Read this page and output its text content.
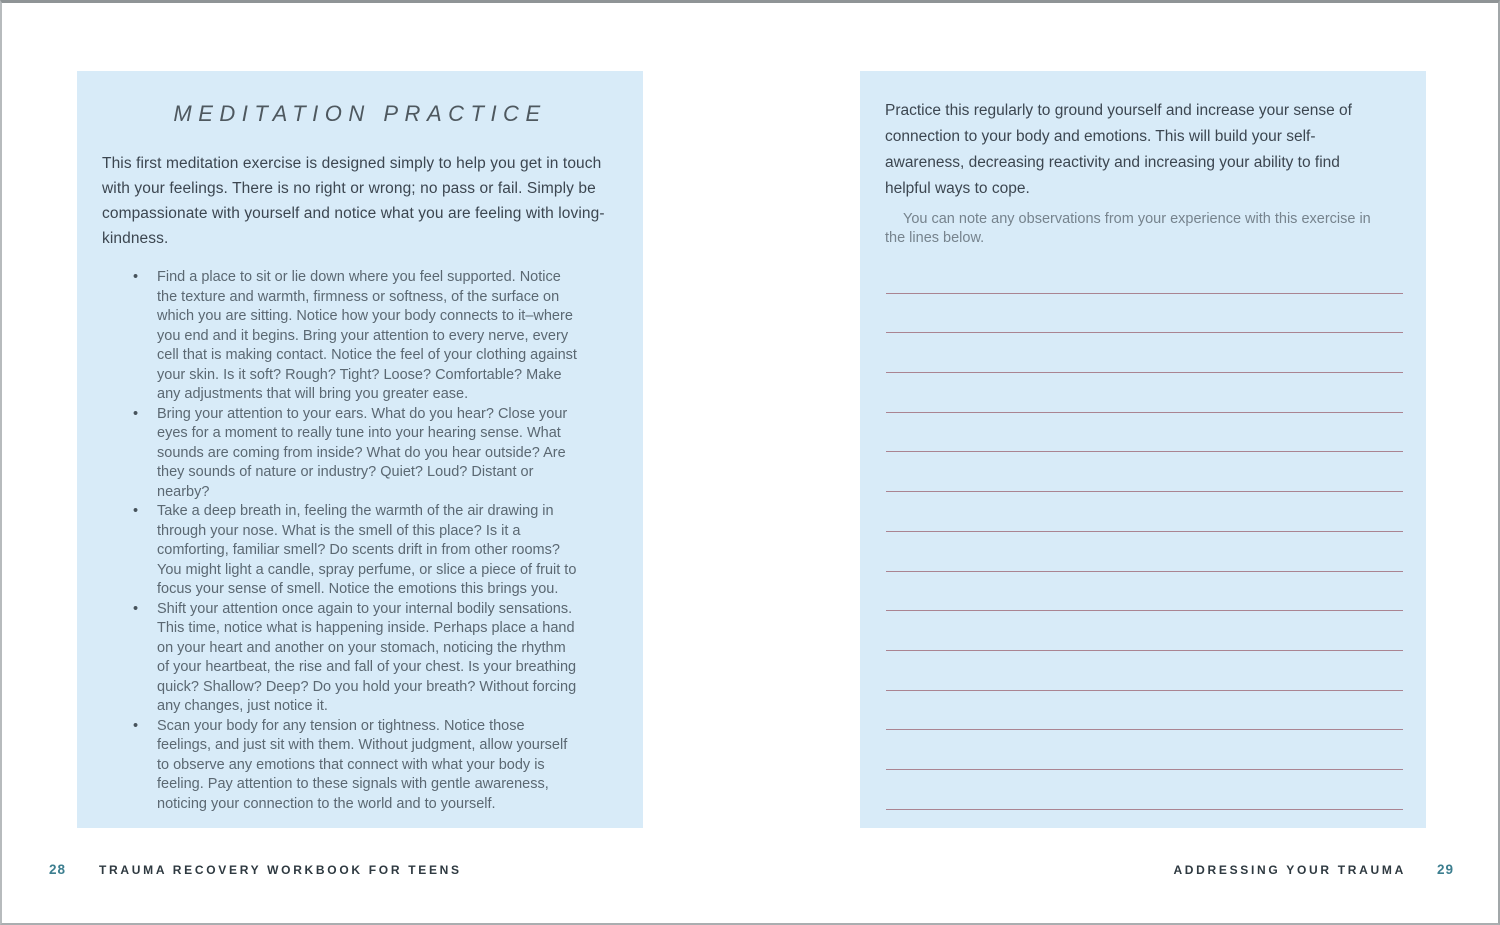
MEDITATION PRACTICE

This first meditation exercise is designed simply to help you get in touch with your feelings. There is no right or wrong; no pass or fail. Simply be compassionate with yourself and notice what you are feeling with loving-kindness.

•	Find a place to sit or lie down where you feel supported. Notice the texture and warmth, firmness or softness, of the surface on which you are sitting. Notice how your body connects to it–where you end and it begins. Bring your attention to every nerve, every cell that is making contact. Notice the feel of your clothing against your skin. Is it soft? Rough? Tight? Loose? Comfortable? Make any adjustments that will bring you greater ease.
•	Bring your attention to your ears. What do you hear? Close your eyes for a moment to really tune into your hearing sense. What sounds are coming from inside? What do you hear outside? Are they sounds of nature or industry? Quiet? Loud? Distant or nearby?
•	Take a deep breath in, feeling the warmth of the air drawing in through your nose. What is the smell of this place? Is it a comforting, familiar smell? Do scents drift in from other rooms? You might light a candle, spray perfume, or slice a piece of fruit to focus your sense of smell. Notice the emotions this brings you.
•	Shift your attention once again to your internal bodily sensations. This time, notice what is happening inside. Perhaps place a hand on your heart and another on your stomach, noticing the rhythm of your heartbeat, the rise and fall of your chest. Is your breathing quick? Shallow? Deep? Do you hold your breath? Without forcing any changes, just notice it.
•	Scan your body for any tension or tightness. Notice those feelings, and just sit with them. Without judgment, allow yourself to observe any emotions that connect with what your body is feeling. Pay attention to these signals with gentle awareness, noticing your connection to the world and to yourself.

Practice this regularly to ground yourself and increase your sense of connection to your body and emotions. This will build your self-awareness, decreasing reactivity and increasing your ability to find helpful ways to cope.

You can note any observations from your experience with this exercise in the lines below.

28	TRAUMA RECOVERY WORKBOOK FOR TEENS	ADDRESSING YOUR TRAUMA 29
